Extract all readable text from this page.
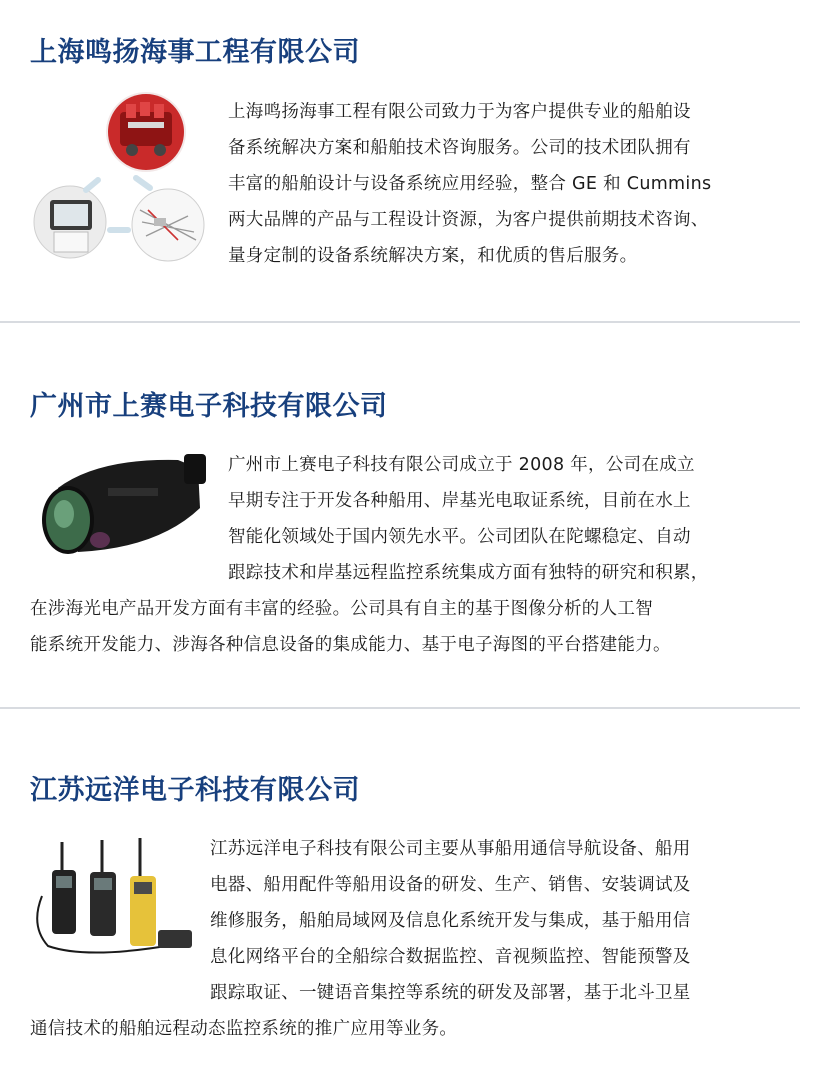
上海鸣扬海事工程有限公司
上海鸣扬海事工程有限公司致力于为客户提供专业的船舶设
备系统解决方案和船舶技术咨询服务。公司的技术团队拥有
丰富的船舶设计与设备系统应用经验，整合 GE 和 Cummins
两大品牌的产品与工程设计资源，为客户提供前期技术咨询、
量身定制的设备系统解决方案，和优质的售后服务。
广州市上赛电子科技有限公司
广州市上赛电子科技有限公司成立于 2008 年，公司在成立
早期专注于开发各种船用、岸基光电取证系统，目前在水上
智能化领域处于国内领先水平。公司团队在陀螺稳定、自动
跟踪技术和岸基远程监控系统集成方面有独特的研究和积累，
在涉海光电产品开发方面有丰富的经验。公司具有自主的基于图像分析的人工智
能系统开发能力、涉海各种信息设备的集成能力、基于电子海图的平台搭建能力。
江苏远洋电子科技有限公司
江苏远洋电子科技有限公司主要从事船用通信导航设备、船用
电器、船用配件等船用设备的研发、生产、销售、安装调试及
维修服务，船舶局域网及信息化系统开发与集成，基于船用信
息化网络平台的全船综合数据监控、音视频监控、智能预警及
跟踪取证、一键语音集控等系统的研发及部署，基于北斗卫星
通信技术的船舶远程动态监控系统的推广应用等业务。
